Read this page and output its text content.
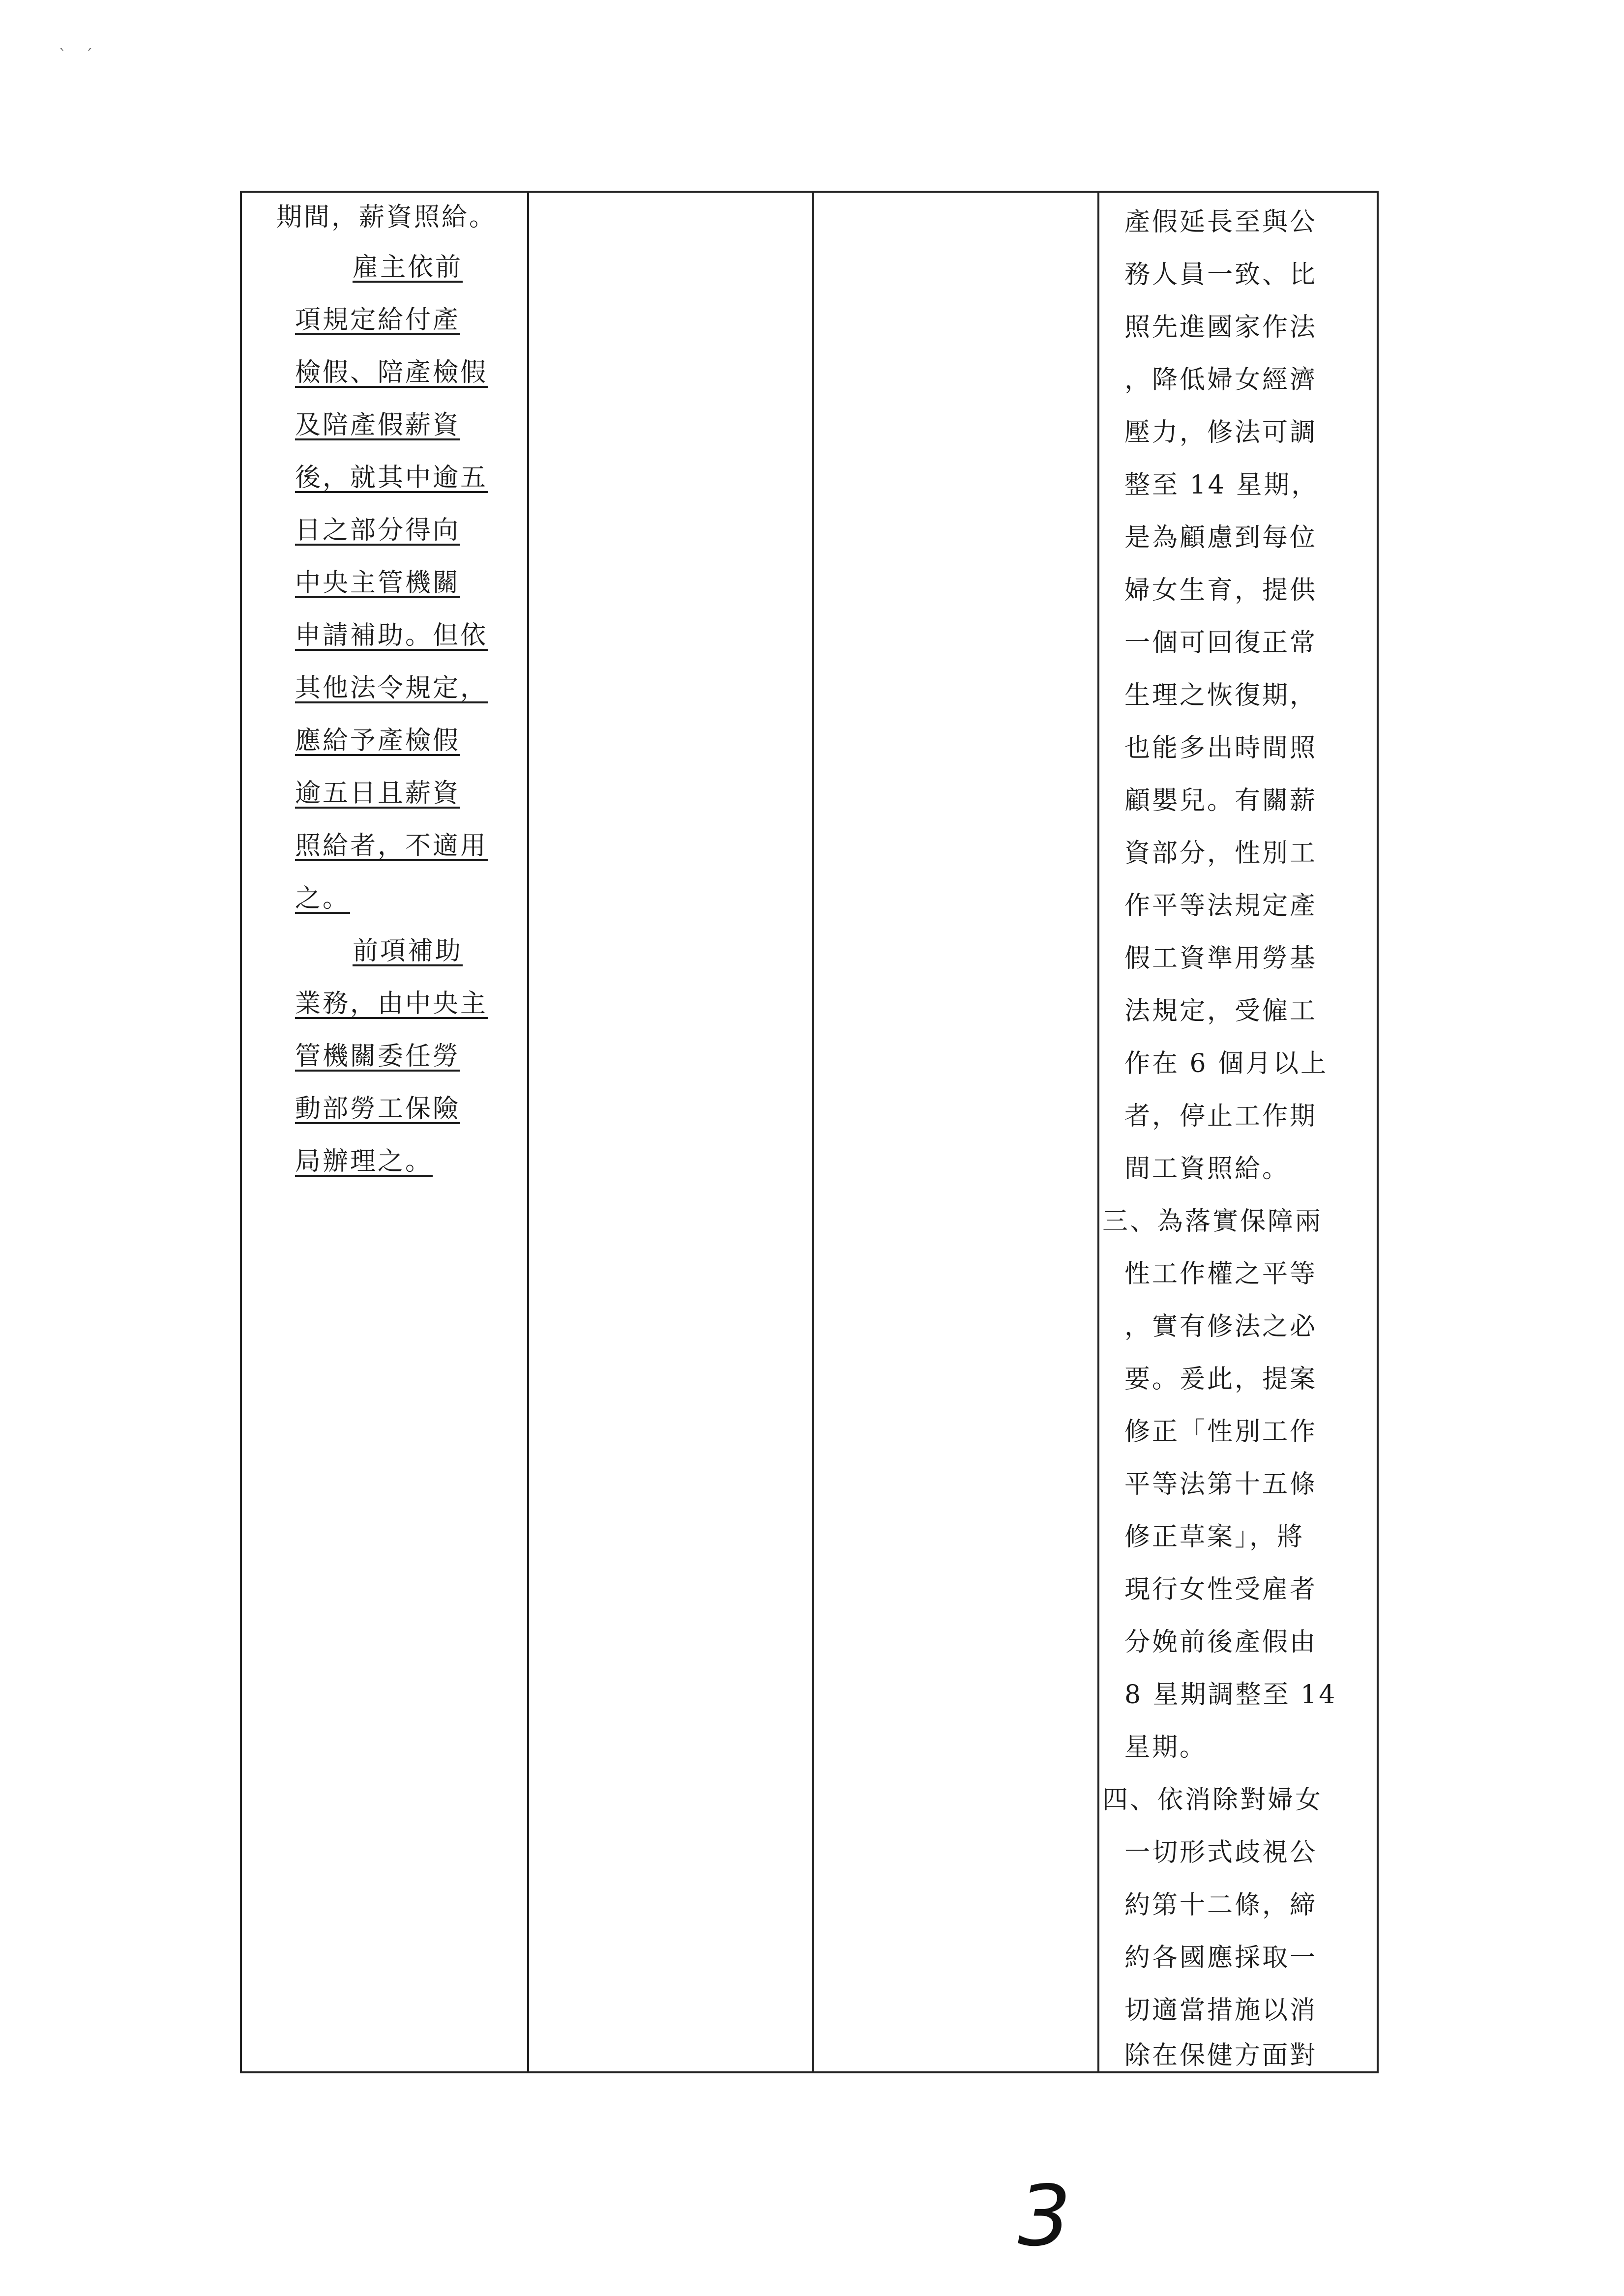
ˋ    ˊ
期間，薪資照給。
雇主依前
項規定給付產
檢假、陪產檢假
及陪產假薪資
後，就其中逾五
日之部分得向
中央主管機關
申請補助。但依
其他法令規定，
應給予產檢假
逾五日且薪資
照給者，不適用
之。
前項補助
業務，由中央主
管機關委任勞
動部勞工保險
局辦理之。
產假延長至與公
務人員一致、比
照先進國家作法
，降低婦女經濟
壓力，修法可調
整至 14 星期，
是為顧慮到每位
婦女生育，提供
一個可回復正常
生理之恢復期，
也能多出時間照
顧嬰兒。有關薪
資部分，性別工
作平等法規定產
假工資準用勞基
法規定，受僱工
作在 6 個月以上
者，停止工作期
間工資照給。
三、為落實保障兩
性工作權之平等
，實有修法之必
要。爰此，提案
修正「性別工作
平等法第十五條
修正草案」，將
現行女性受雇者
分娩前後產假由
8 星期調整至 14
星期。
四、依消除對婦女
一切形式歧視公
約第十二條，締
約各國應採取一
切適當措施以消
除在保健方面對
3
